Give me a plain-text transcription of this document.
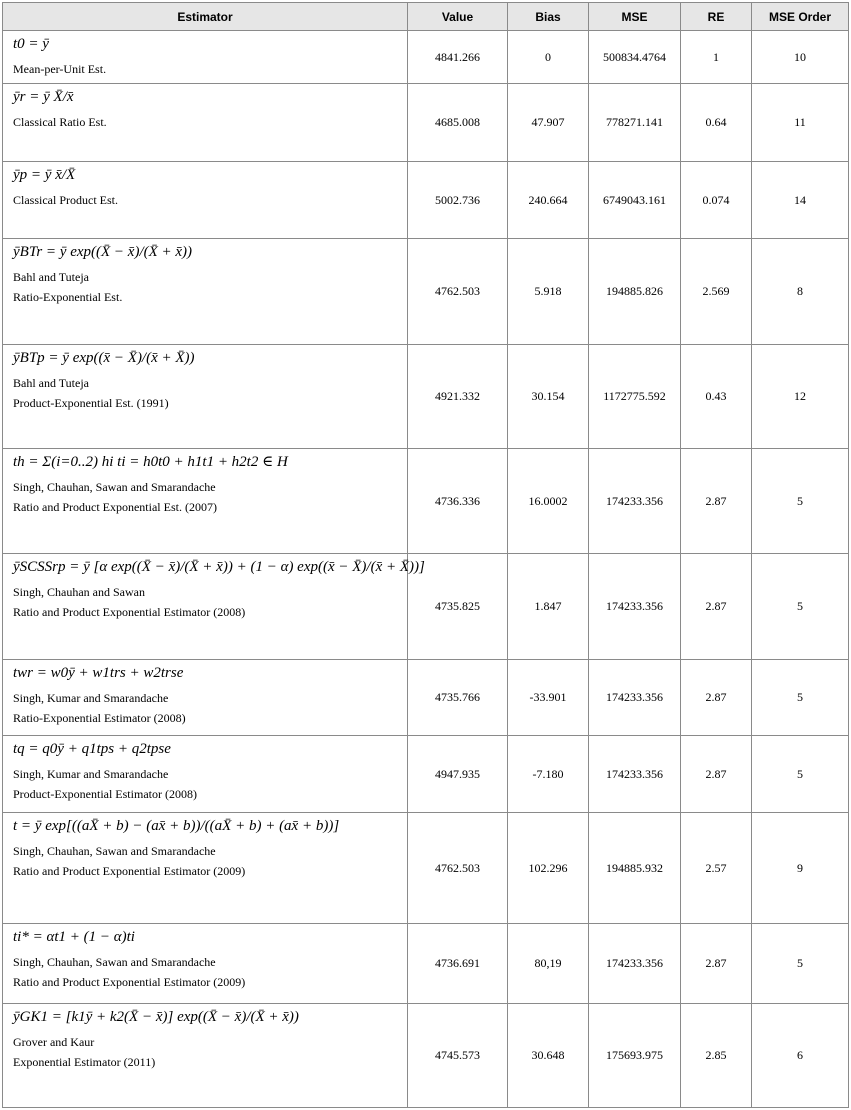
Estimator	Value	Bias	MSE	RE	MSE Order

t0 = ȳ
Mean-per-Unit Est.	4841.266	0	500834.4764	1	10

ȳr = ȳ X̄/x̄
Classical Ratio Est.	4685.008	47.907	778271.141	0.64	11

ȳp = ȳ x̄/X̄
Classical Product Est.	5002.736	240.664	6749043.161	0.074	14

ȳBTr = ȳ exp((X̄ − x̄)/(X̄ + x̄))
Bahl and Tuteja
Ratio-Exponential Est.	4762.503	5.918	194885.826	2.569	8

ȳBTp = ȳ exp((x̄ − X̄)/(x̄ + X̄))
Bahl and Tuteja
Product-Exponential Est. (1991)	4921.332	30.154	1172775.592	0.43	12

th = Σ(i=0..2) hi ti = h0t0 + h1t1 + h2t2 ∈ H
Singh, Chauhan, Sawan and Smarandache
Ratio and Product Exponential Est. (2007)	4736.336	16.0002	174233.356	2.87	5

ȳSCSSrp = ȳ [α exp((X̄ − x̄)/(X̄ + x̄)) + (1 − α) exp((x̄ − X̄)/(x̄ + X̄))]
Singh, Chauhan and Sawan
Ratio and Product Exponential Estimator (2008)	4735.825	1.847	174233.356	2.87	5

twr = w0ȳ + w1trs + w2trse
Singh, Kumar and Smarandache
Ratio-Exponential Estimator (2008)	4735.766	-33.901	174233.356	2.87	5

tq = q0ȳ + q1tps + q2tpse
Singh, Kumar and Smarandache
Product-Exponential Estimator (2008)	4947.935	-7.180	174233.356	2.87	5

t = ȳ exp[((aX̄ + b) − (ax̄ + b))/((aX̄ + b) + (ax̄ + b))]
Singh, Chauhan, Sawan and Smarandache
Ratio and Product Exponential Estimator (2009)	4762.503	102.296	194885.932	2.57	9

ti* = αt1 + (1 − α)ti
Singh, Chauhan, Sawan and Smarandache
Ratio and Product Exponential Estimator (2009)	4736.691	80,19	174233.356	2.87	5

ȳGK1 = [k1ȳ + k2(X̄ − x̄)] exp((X̄ − x̄)/(X̄ + x̄))
Grover and Kaur
Exponential Estimator (2011)	4745.573	30.648	175693.975	2.85	6
